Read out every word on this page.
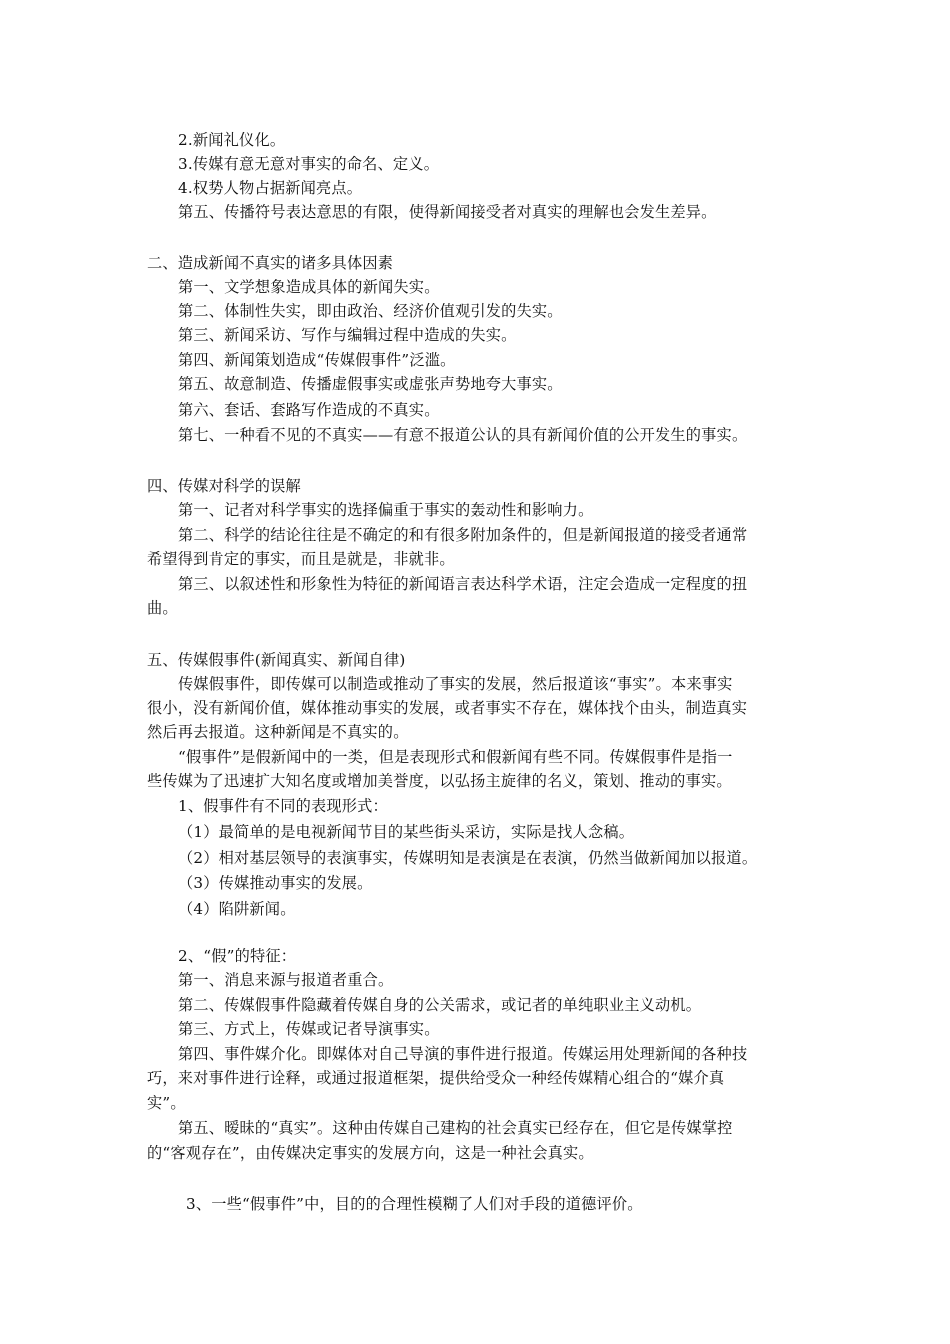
2.新闻礼仪化。
3.传媒有意无意对事实的命名、定义。
4.权势人物占据新闻亮点。
第五、传播符号表达意思的有限，使得新闻接受者对真实的理解也会发生差异。
二、造成新闻不真实的诸多具体因素
第一、文学想象造成具体的新闻失实。
第二、体制性失实，即由政治、经济价值观引发的失实。
第三、新闻采访、写作与编辑过程中造成的失实。
第四、新闻策划造成“传媒假事件”泛滥。
第五、故意制造、传播虚假事实或虚张声势地夸大事实。
第六、套话、套路写作造成的不真实。
第七、一种看不见的不真实——有意不报道公认的具有新闻价值的公开发生的事实。
四、传媒对科学的误解
第一、记者对科学事实的选择偏重于事实的轰动性和影响力。
第二、科学的结论往往是不确定的和有很多附加条件的，但是新闻报道的接受者通常
希望得到肯定的事实，而且是就是，非就非。
第三、以叙述性和形象性为特征的新闻语言表达科学术语，注定会造成一定程度的扭
曲。
五、传媒假事件(新闻真实、新闻自律)
传媒假事件，即传媒可以制造或推动了事实的发展，然后报道该“事实”。本来事实
很小，没有新闻价值，媒体推动事实的发展，或者事实不存在，媒体找个由头，制造真实
然后再去报道。这种新闻是不真实的。
“假事件”是假新闻中的一类，但是表现形式和假新闻有些不同。传媒假事件是指一
些传媒为了迅速扩大知名度或增加美誉度，以弘扬主旋律的名义，策划、推动的事实。
1、假事件有不同的表现形式：
（1）最简单的是电视新闻节目的某些街头采访，实际是找人念稿。
（2）相对基层领导的表演事实，传媒明知是表演是在表演，仍然当做新闻加以报道。
（3）传媒推动事实的发展。
（4）陷阱新闻。
2、“假”的特征：
第一、消息来源与报道者重合。
第二、传媒假事件隐藏着传媒自身的公关需求，或记者的单纯职业主义动机。
第三、方式上，传媒或记者导演事实。
第四、事件媒介化。即媒体对自己导演的事件进行报道。传媒运用处理新闻的各种技
巧，来对事件进行诠释，或通过报道框架，提供给受众一种经传媒精心组合的“媒介真
实”。
第五、暧昧的“真实”。这种由传媒自己建构的社会真实已经存在，但它是传媒掌控
的“客观存在”，由传媒决定事实的发展方向，这是一种社会真实。
3、一些“假事件”中，目的的合理性模糊了人们对手段的道德评价。
